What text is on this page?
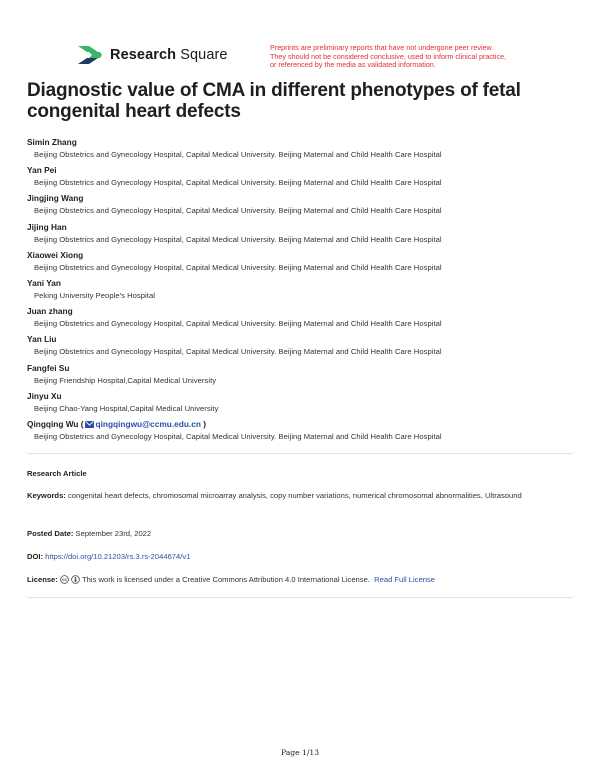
Research Square	Preprints are preliminary reports that have not undergone peer review.
They should not be considered conclusive, used to inform clinical practice,
or referenced by the media as validated information.
Diagnostic value of CMA in different phenotypes of fetal congenital heart defects
Simin Zhang
Beijing Obstetrics and Gynecology Hospital, Capital Medical University. Beijing Maternal and Child Health Care Hospital
Yan Pei
Beijing Obstetrics and Gynecology Hospital, Capital Medical University. Beijing Maternal and Child Health Care Hospital
Jingjing Wang
Beijing Obstetrics and Gynecology Hospital, Capital Medical University. Beijing Maternal and Child Health Care Hospital
Jijing Han
Beijing Obstetrics and Gynecology Hospital, Capital Medical University. Beijing Maternal and Child Health Care Hospital
Xiaowei Xiong
Beijing Obstetrics and Gynecology Hospital, Capital Medical University. Beijing Maternal and Child Health Care Hospital
Yani Yan
Peking University People's Hospital
Juan zhang
Beijing Obstetrics and Gynecology Hospital, Capital Medical University. Beijing Maternal and Child Health Care Hospital
Yan Liu
Beijing Obstetrics and Gynecology Hospital, Capital Medical University. Beijing Maternal and Child Health Care Hospital
Fangfei Su
Beijing Friendship Hospital,Capital Medical University
Jinyu Xu
Beijing Chao-Yang Hospital,Capital Medical University
Qingqing Wu ( qingqingwu@ccmu.edu.cn )
Beijing Obstetrics and Gynecology Hospital, Capital Medical University. Beijing Maternal and Child Health Care Hospital
Research Article
Keywords: congenital heart defects, chromosomal microarray analysis, copy number variations, numerical chromosomal abnormalities, Ultrasound
Posted Date: September 23rd, 2022
DOI: https://doi.org/10.21203/rs.3.rs-2044674/v1
License: cc This work is licensed under a Creative Commons Attribution 4.0 International License. Read Full License
Page 1/13
